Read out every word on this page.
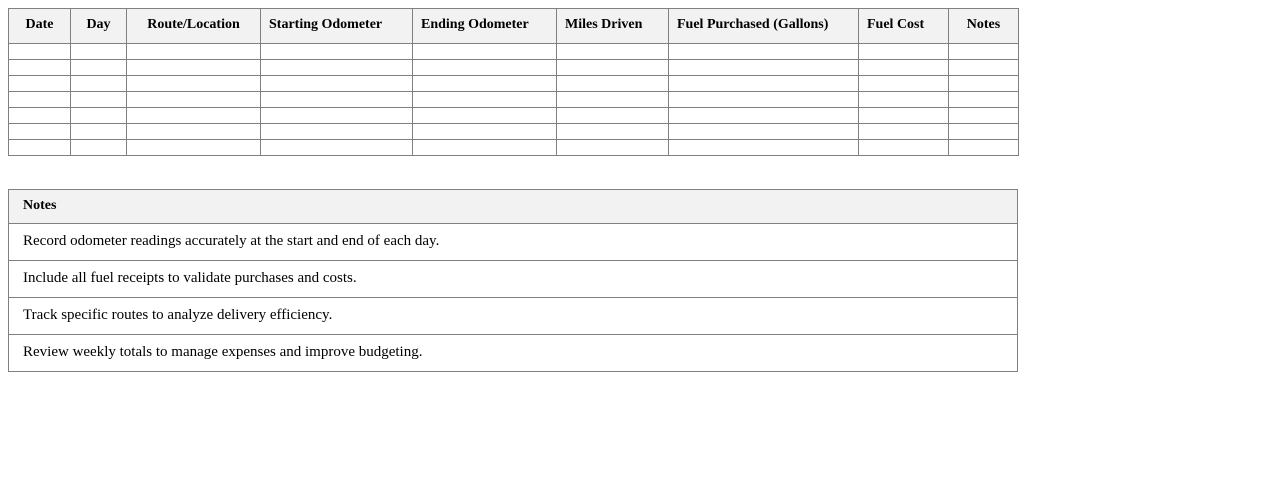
Date	Day	Route/Location	Starting Odometer	Ending Odometer	Miles Driven	Fuel Purchased (Gallons)	Fuel Cost	Notes

Notes
Record odometer readings accurately at the start and end of each day.
Include all fuel receipts to validate purchases and costs.
Track specific routes to analyze delivery efficiency.
Review weekly totals to manage expenses and improve budgeting.
